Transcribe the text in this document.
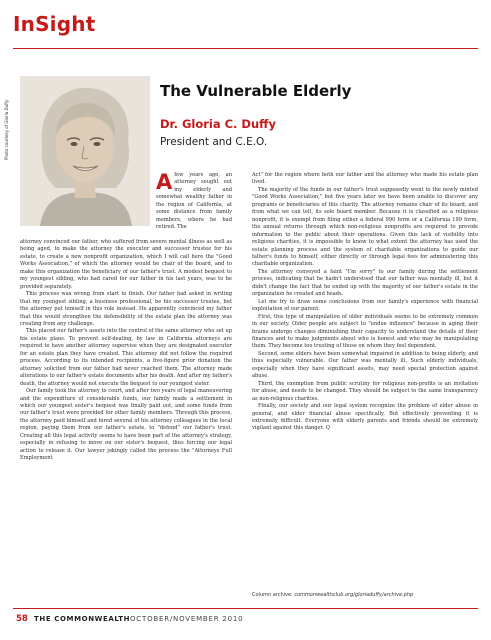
InSight
Photo courtesy of Gloria Duffy
The Vulnerable Elderly
Dr. Gloria C. Duffy
President and C.E.O.
Afew years ago, an attorney sought out my elderly and somewhat wealthy father in the region of California, at some distance from family members, where he had retired. The

attorney convinced our father, who suffered from severe mental illness as well as being aged, to make the attorney the executor and successor trustee for his estate, to create a new nonprofit organization, which I will call here the "Good Works Association," of which the attorney would be chair of the board, and to make this organization the beneficiary of our father's trust. A modest bequest to my youngest sibling, who had cared for our father in his last years, was to be provided separately.

This process was wrong from start to finish. Our father had asked in writing that my youngest sibling, a business professional, be his successor trustee, but the attorney put himself in this role instead. He apparently convinced my father that this would strengthen the defensibility of the estate plan the attorney was creating from any challenge.

This placed our father's assets into the control of the same attorney who set up his estate plans. To prevent self-dealing, by law in California attorneys are required to have another attorney supervise when they are designated executor for an estate plan they have created. This attorney did not follow the required process. According to its intended recipients, a five-figure prior donation the attorney solicited from our father had never reached them. The attorney made alterations to our father's estate documents after his death. And after my father's death, the attorney would not execute the bequest to our youngest sister.

Our family took the attorney to court, and after two years of legal maneuvering and the expenditure of considerable funds, our family made a settlement in which our youngest sister's bequest was finally paid out, and some funds from our father's trust were provided for other family members. Through this process, the attorney paid himself and hired several of his attorney colleagues in the local region, paying them from our father's estate, to "defend" our father's trust. Creating all this legal activity seems to have been part of the attorney's strategy, especially in refusing to move on our sister's bequest, thus forcing our legal action to release it. Our lawyer jokingly called the process the "Attorneys Full Employment

Act" for the region where both our father and the attorney who made his estate plan lived.

The majority of the funds in our father's trust supposedly went to the newly minted "Good Works Association," but five years later we have been unable to discover any programs or beneficiaries of this charity. The attorney remains chair of its board, and from what we can tell, its sole board member. Because it is classified as a religious nonprofit, it is exempt from filing either a federal 990 form or a California 199 form, the annual returns through which non-religious nonprofits are required to provide information to the public about their operations. Given this lack of visibility into religious charities, it is impossible to know to what extent the attorney has used the estate planning process and the system of charitable organizations to guide our father's funds to himself, either directly or through legal fees for administering this charitable organization.

The attorney conveyed a faint "I'm sorry" to our family during the settlement process, indicating that he hadn't understood that our father was mentally ill, but it didn't change the fact that he ended up with the majority of our father's estate in the organization he created and heads.

Let me try to draw some conclusions from our family's experience with financial exploitation of our parent.

First, this type of manipulation of older individuals seems to be extremely common in our society. Older people are subject to "undue influence" because in aging their brains undergo changes diminishing their capacity to understand the details of their finances and to make judgments about who is honest and who may be manipulating them. They become too trusting of those on whom they feel dependent.

Second, some elders have been somewhat impaired in addition to being elderly, and thus especially vulnerable. Our father was mentally ill. Such elderly individuals, especially when they have significant assets, may need special protection against abuse.

Third, the exemption from public scrutiny for religious non-profits is an invitation for abuse, and needs to be changed. They should be subject to the same transparency as non-religious charities.

Finally, our society and our legal system recognize the problem of elder abuse in general, and elder financial abuse specifically. But effectively preventing it is extremely difficult. Everyone with elderly parents and friends should be extremely vigilant against this danger. Q

Column archive: commonwealthclub.org/gloriaduffy/archive.php
58 THE COMMONWEALTH OCTOBER/NOVEMBER 2010
